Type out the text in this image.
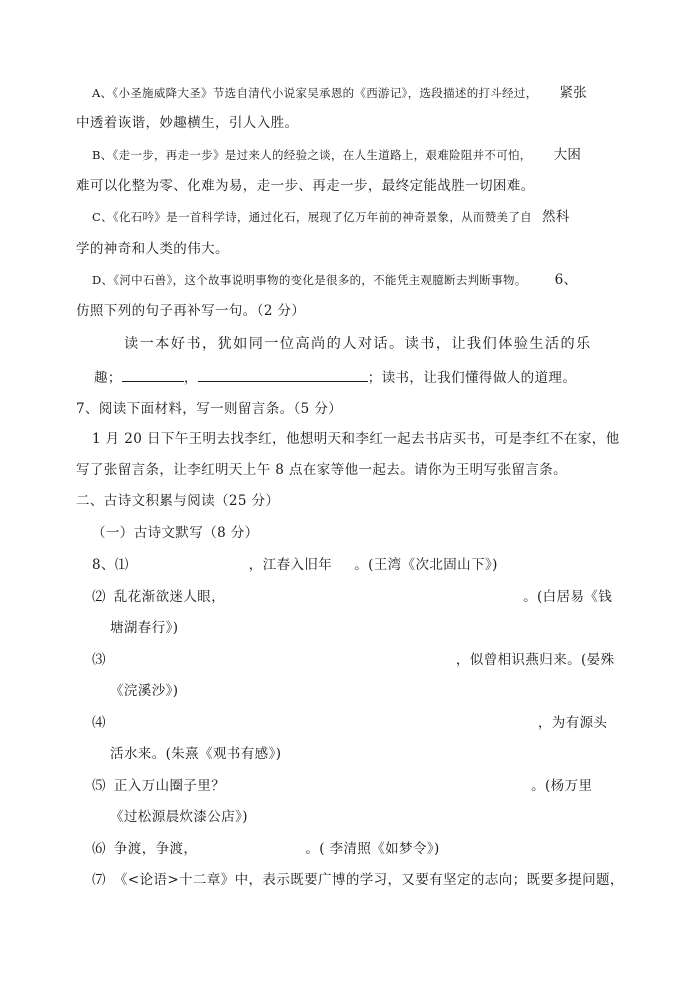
A、《小圣施威降大圣》节选自清代小说家吴承恩的《西游记》，选段描述的打斗经过， 紧张
中透着诙谐，妙趣横生，引人入胜。
B、《走一步，再走一步》是过来人的经验之谈，在人生道路上，艰难险阻并不可怕， 大困
难可以化整为零、化难为易，走一步、再走一步，最终定能战胜一切困难。
C、《化石吟》是一首科学诗，通过化石，展现了亿万年前的神奇景象，从而赞美了自 然科
学的神奇和人类的伟大。
D、《河中石兽》，这个故事说明事物的变化是很多的，不能凭主观臆断去判断事物。 6、
仿照下列的句子再补写一句。（2 分）
读一本好书，犹如同一位高尚的人对话。读书，让我们体验生活的乐
趣；	，	；读书，让我们懂得做人的道理。
7、阅读下面材料，写一则留言条。（5 分）
1 月 20 日下午王明去找李红，他想明天和李红一起去书店买书，可是李红不在家，他
写了张留言条，让李红明天上午 8 点在家等他一起去。请你为王明写张留言条。
二、古诗文积累与阅读（25 分）
（一）古诗文默写（8 分）
8、⑴	，江春入旧年 。(王湾《次北固山下》)
⑵ 乱花渐欲迷人眼，	。(白居易《钱
塘湖春行》)
⑶	，似曾相识燕归来。(晏殊
《浣溪沙》)
⑷	，为有源头
活水来。(朱熹《观书有感》)
⑸ 正入万山圈子里？	。(杨万里
《过松源晨炊漆公店》)
⑹ 争渡，争渡，	。( 李清照《如梦令》)
⑺ 《<论语>十二章》中，表示既要广博的学习，又要有坚定的志向；既要多提问题，
